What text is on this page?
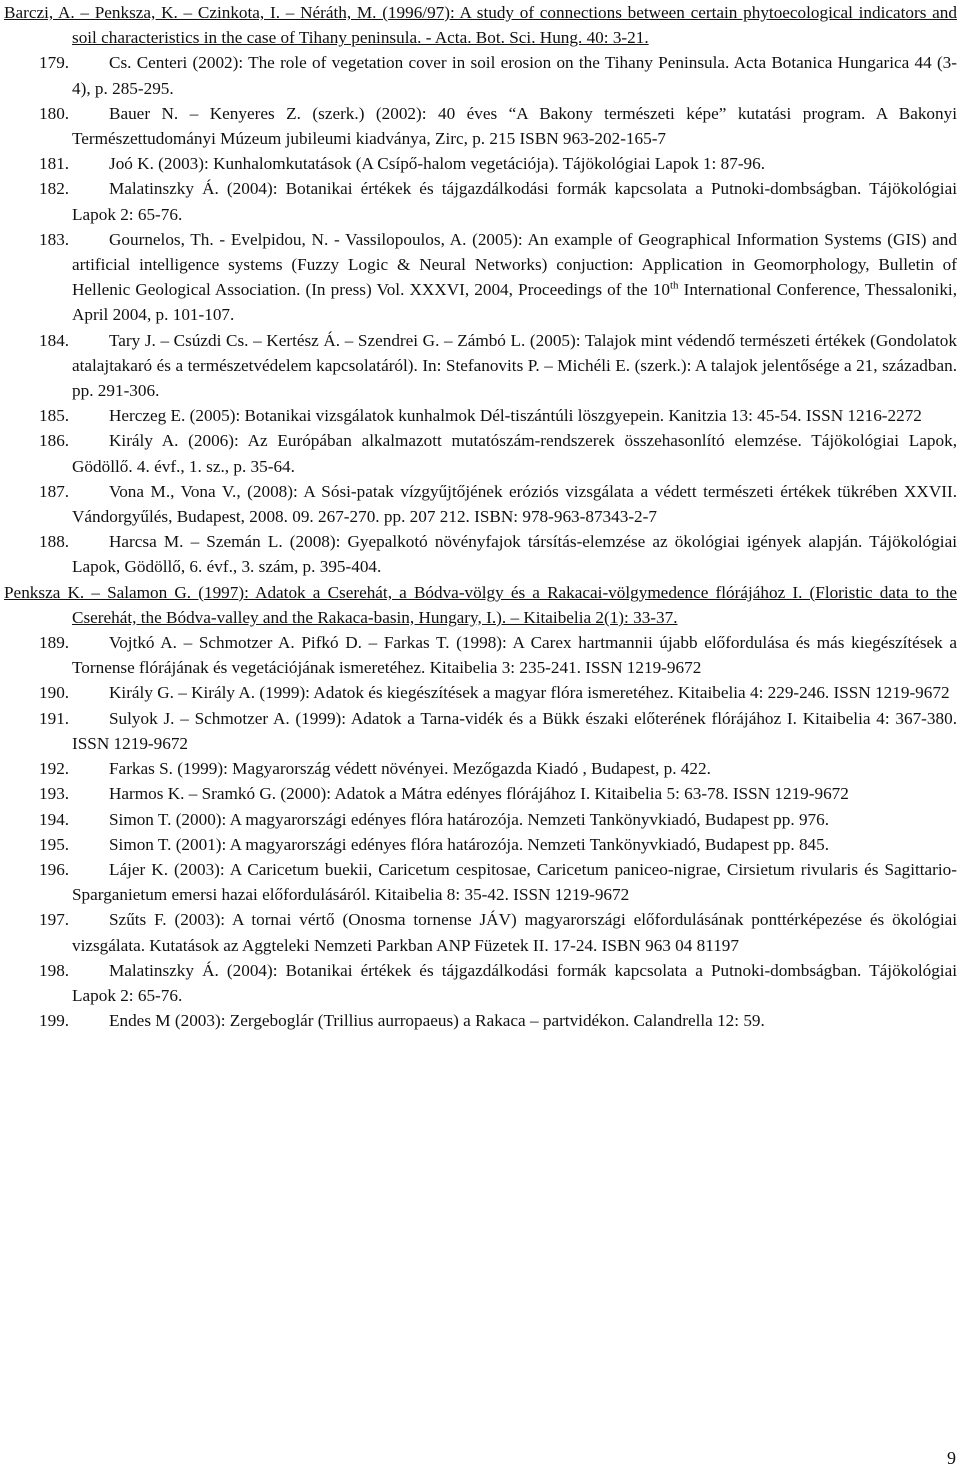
Barczi, A. – Penksza, K. – Czinkota, I. – Néráth, M. (1996/97): A study of connections between certain phytoecological indicators and soil characteristics in the case of Tihany peninsula. - Acta. Bot. Sci. Hung. 40: 3-21.

179. Cs. Centeri (2002): The role of vegetation cover in soil erosion on the Tihany Peninsula. Acta Botanica Hungarica 44 (3-4), p. 285-295.

180. Bauer N. – Kenyeres Z. (szerk.) (2002): 40 éves “A Bakony természeti képe” kutatási program. A Bakonyi Természettudományi Múzeum jubileumi kiadványa, Zirc, p. 215 ISBN 963-202-165-7

181. Joó K. (2003): Kunhalomkutatások (A Csípő-halom vegetációja). Tájökológiai Lapok 1: 87-96.

182. Malatinszky Á. (2004): Botanikai értékek és tájgazdálkodási formák kapcsolata a Putnoki-dombságban. Tájökológiai Lapok 2: 65-76.

183. Gournelos, Th. - Evelpidou, N. - Vassilopoulos, A. (2005): An example of Geographical Information Systems (GIS) and artificial intelligence systems (Fuzzy Logic & Neural Networks) conjuction: Application in Geomorphology, Bulletin of Hellenic Geological Association. (In press) Vol. XXXVI, 2004, Proceedings of the 10th International Conference, Thessaloniki, April 2004, p. 101-107.

184. Tary J. – Csúzdi Cs. – Kertész Á. – Szendrei G. – Zámbó L. (2005): Talajok mint védendő természeti értékek (Gondolatok atalajtakaró és a természetvédelem kapcsolatáról). In: Stefanovits P. – Michéli E. (szerk.): A talajok jelentősége a 21, században. pp. 291-306.

185. Herczeg E. (2005): Botanikai vizsgálatok kunhalmok Dél-tiszántúli löszgyepein. Kanitzia 13: 45-54. ISSN 1216-2272

186. Király A. (2006): Az Európában alkalmazott mutatószám-rendszerek összehasonlító elemzése. Tájökológiai Lapok, Gödöllő. 4. évf., 1. sz., p. 35-64.

187. Vona M., Vona V., (2008): A Sósi-patak vízgyűjtőjének eróziós vizsgálata a védett természeti értékek tükrében XXVII. Vándorgyűlés, Budapest, 2008. 09. 267-270. pp. 207 212. ISBN: 978-963-87343-2-7

188. Harcsa M. – Szemán L. (2008): Gyepalkotó növényfajok társítás-elemzése az ökológiai igények alapján. Tájökológiai Lapok, Gödöllő, 6. évf., 3. szám, p. 395-404.

Penksza K. – Salamon G. (1997): Adatok a Cserehát, a Bódva-völgy és a Rakacai-völgymedence flórájához I. (Floristic data to the Cserehát, the Bódva-valley and the Rakaca-basin, Hungary, I.). – Kitaibelia 2(1): 33-37.

189. Vojtkó A. – Schmotzer A. Pifkó D. – Farkas T. (1998): A Carex hartmannii újabb előfordulása és más kiegészítések a Tornense flórájának és vegetációjának ismeretéhez. Kitaibelia 3: 235-241. ISSN 1219-9672

190. Király G. – Király A. (1999): Adatok és kiegészítések a magyar flóra ismeretéhez. Kitaibelia 4: 229-246. ISSN 1219-9672

191. Sulyok J. – Schmotzer A. (1999): Adatok a Tarna-vidék és a Bükk északi előterének flórájához I. Kitaibelia 4: 367-380. ISSN 1219-9672

192. Farkas S. (1999): Magyarország védett növényei. Mezőgazda Kiadó , Budapest, p. 422.

193. Harmos K. – Sramkó G. (2000): Adatok a Mátra edényes flórájához I. Kitaibelia 5: 63-78. ISSN 1219-9672

194. Simon T. (2000): A magyarországi edényes flóra határozója. Nemzeti Tankönyvkiadó, Budapest pp. 976.

195. Simon T. (2001): A magyarországi edényes flóra határozója. Nemzeti Tankönyvkiadó, Budapest pp. 845.

196. Lájer K. (2003): A Caricetum buekii, Caricetum cespitosae, Caricetum paniceo-nigrae, Cirsietum rivularis és Sagittario-Sparganietum emersi hazai előfordulásáról. Kitaibelia 8: 35-42. ISSN 1219-9672

197. Szűts F. (2003): A tornai vértő (Onosma tornense JÁV) magyarországi előfordulásának ponttérképezése és ökológiai vizsgálata. Kutatások az Aggteleki Nemzeti Parkban ANP Füzetek II. 17-24. ISBN 963 04 81197

198. Malatinszky Á. (2004): Botanikai értékek és tájgazdálkodási formák kapcsolata a Putnoki-dombságban. Tájökológiai Lapok 2: 65-76.

199. Endes M (2003): Zergeboglár (Trillius aurropaeus) a Rakaca – partvidékon. Calandrella 12: 59.

9
